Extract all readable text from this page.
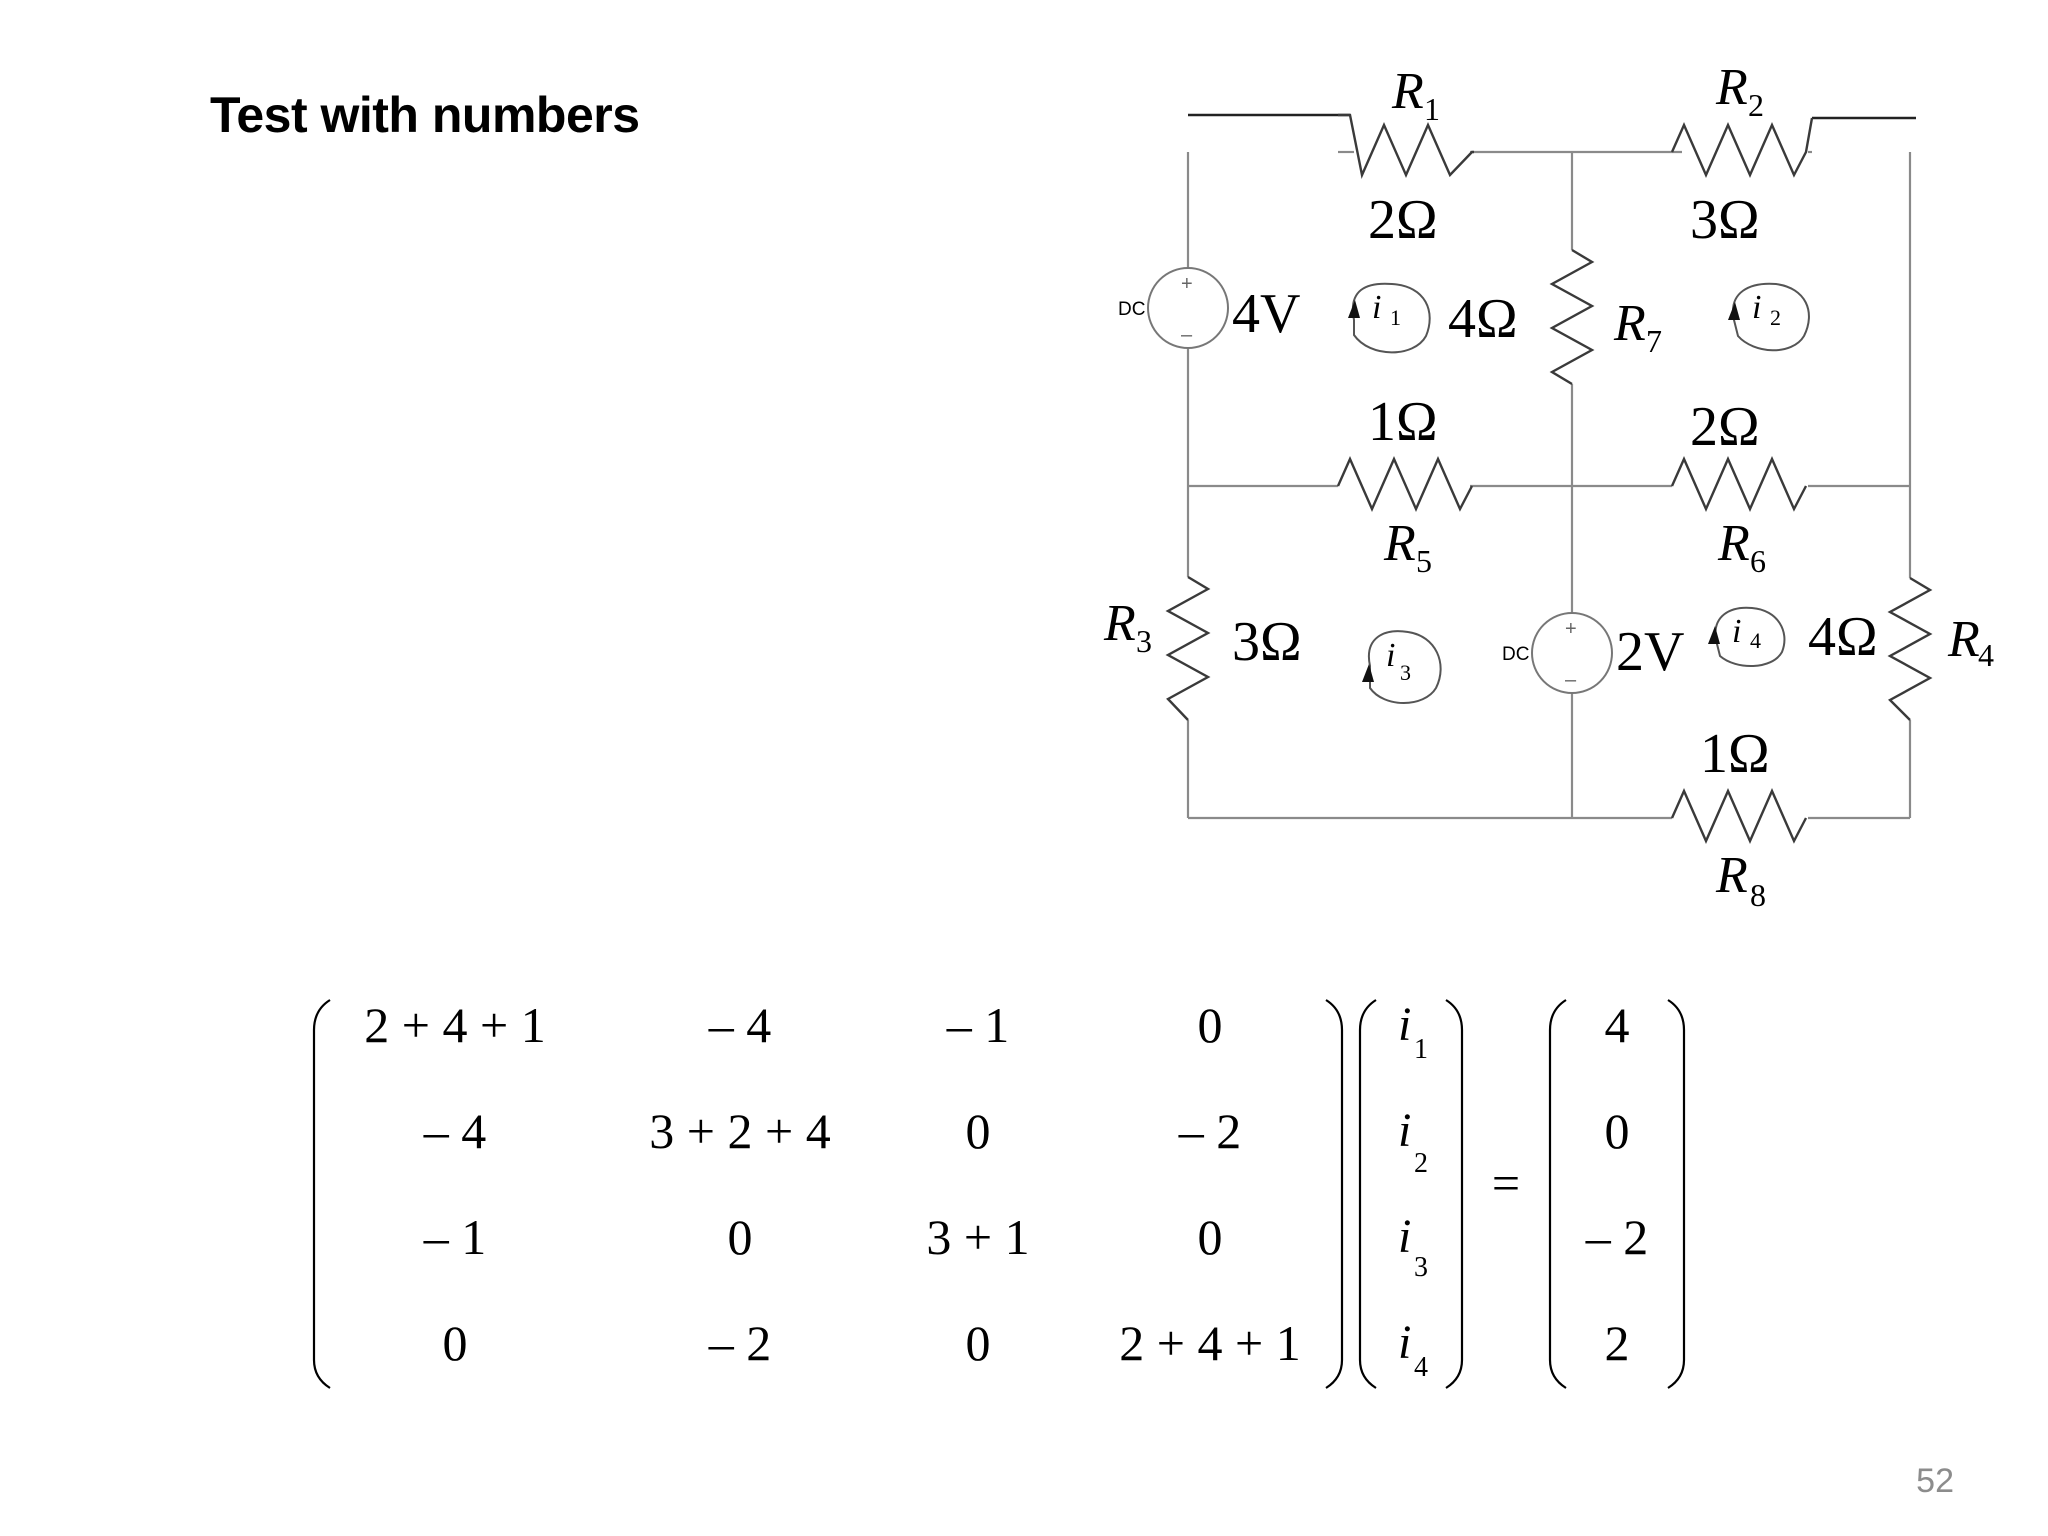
Test with numbers
+
–
DC 4V
+
–
DC 2V
R 1
2Ω
R 2
3Ω
4Ω R 7
1Ω
R 5
2Ω
R 6
R 3 3Ω	4Ω R
4
1Ω
R 8
i 1	i 2
i 3
i 4
2 + 4 + 1	– 4	– 1	0
– 4	3 + 2 + 4	0	– 2
– 1	0	3 + 1	0
0	– 2	0	2 + 4 + 1
i 1
i
2
i
3
i 4
=
4
0
– 2
2
52
